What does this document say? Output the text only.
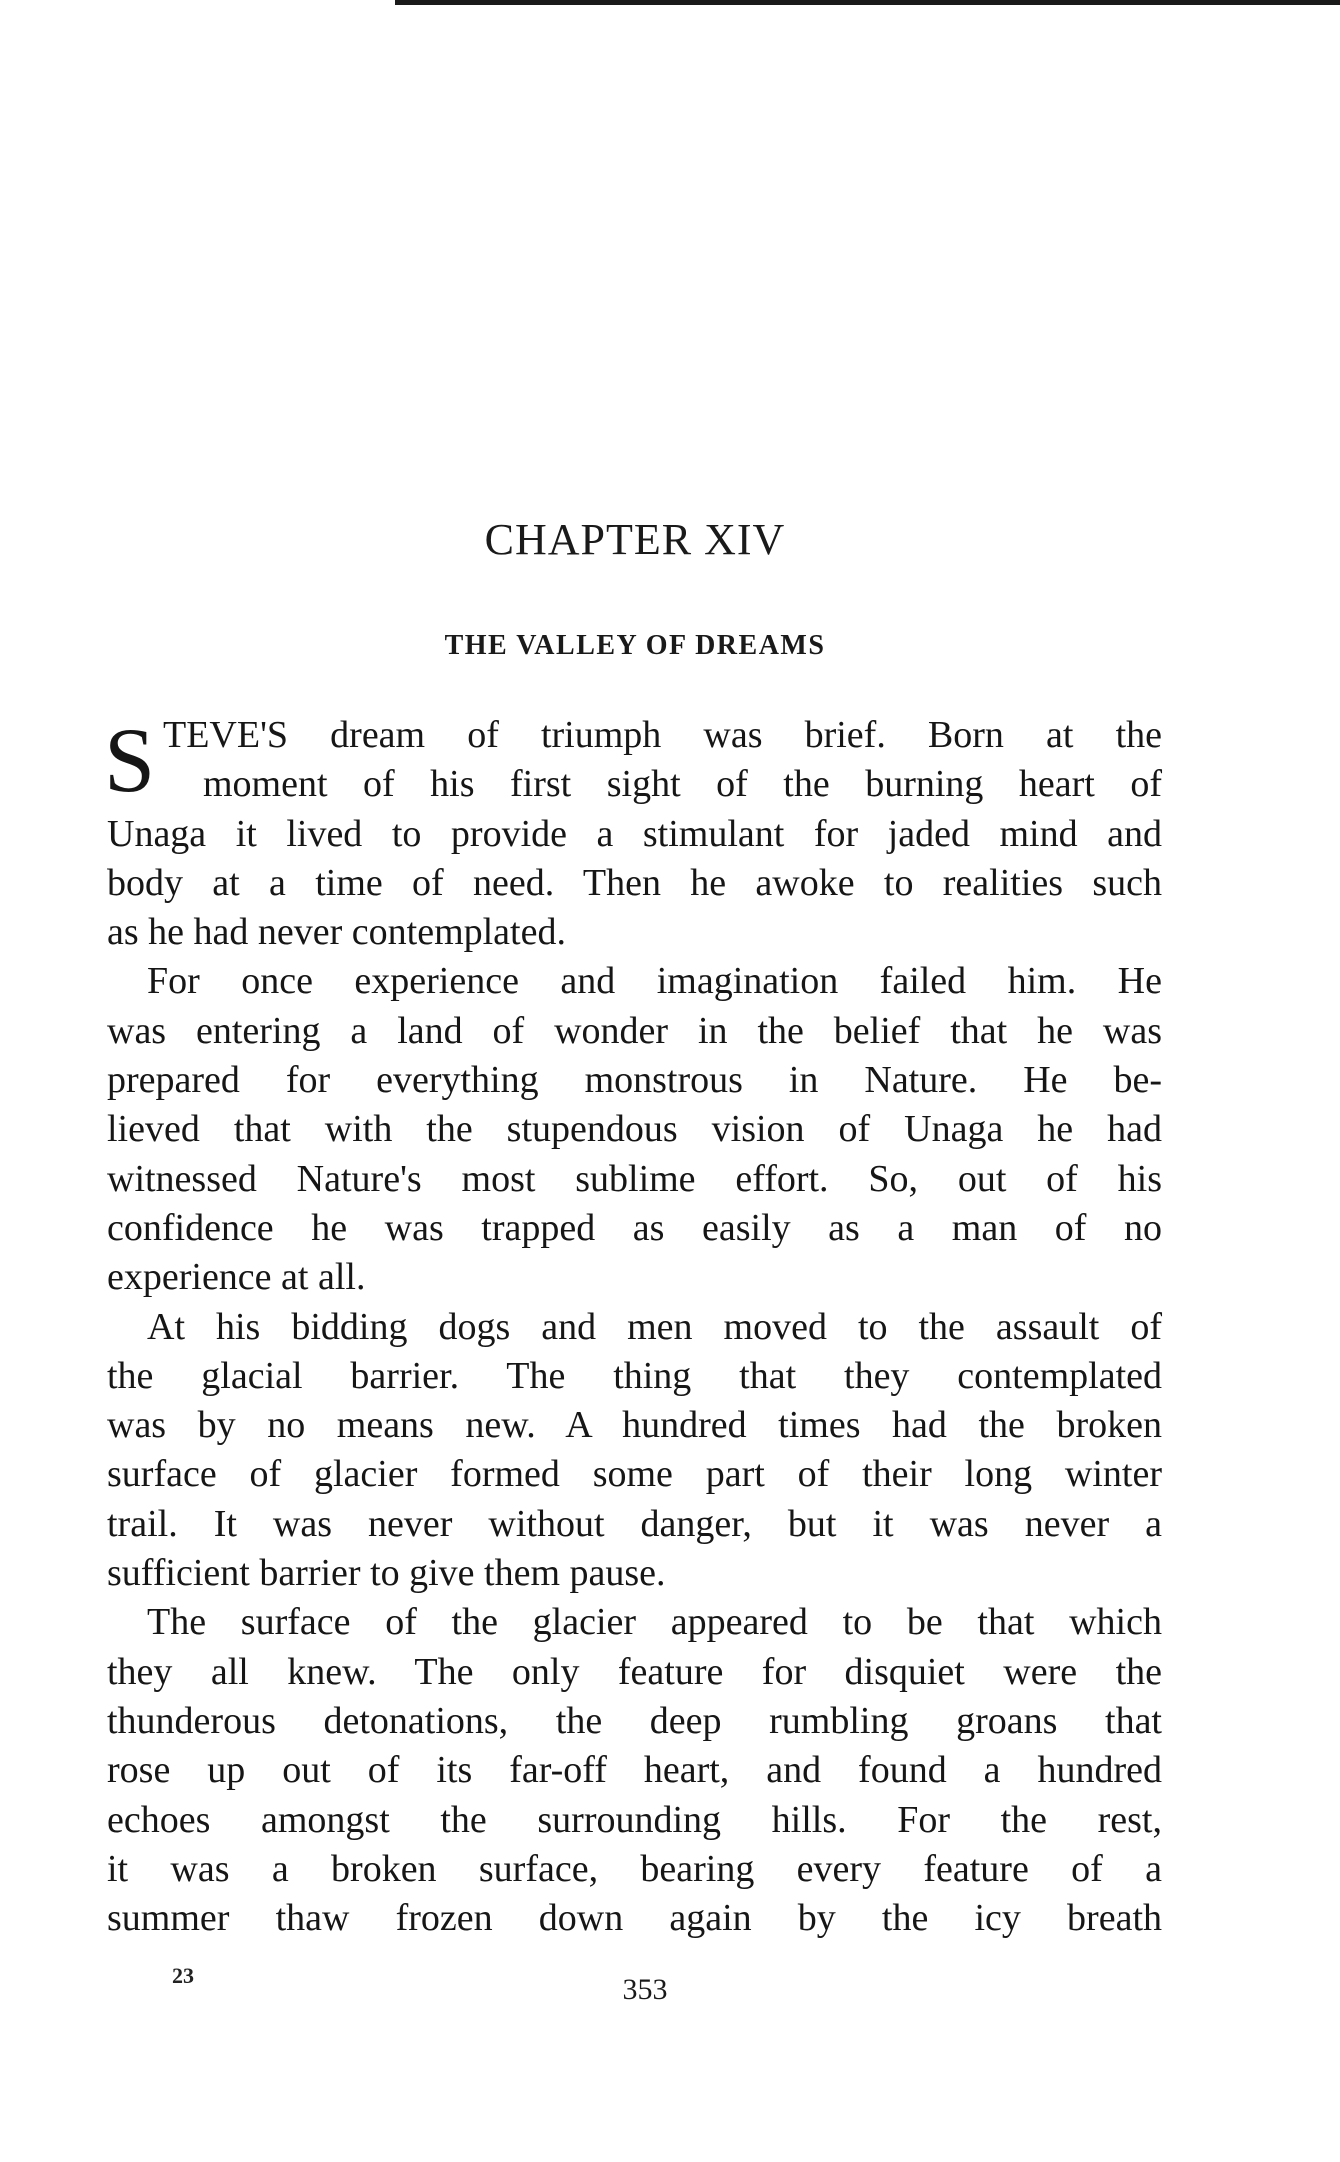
CHAPTER XIV
THE VALLEY OF DREAMS
S TEVE'S dream of triumph was brief. Born at the
moment of his first sight of the burning heart of
Unaga it lived to provide a stimulant for jaded mind and
body at a time of need. Then he awoke to realities such
as he had never contemplated.
For once experience and imagination failed him. He
was entering a land of wonder in the belief that he was
prepared for everything monstrous in Nature. He be-
lieved that with the stupendous vision of Unaga he had
witnessed Nature's most sublime effort. So, out of his
confidence he was trapped as easily as a man of no
experience at all.
At his bidding dogs and men moved to the assault of
the glacial barrier. The thing that they contemplated
was by no means new. A hundred times had the broken
surface of glacier formed some part of their long winter
trail. It was never without danger, but it was never a
sufficient barrier to give them pause.
The surface of the glacier appeared to be that which
they all knew. The only feature for disquiet were the
thunderous detonations, the deep rumbling groans that
rose up out of its far-off heart, and found a hundred
echoes amongst the surrounding hills. For the rest,
it was a broken surface, bearing every feature of a
summer thaw frozen down again by the icy breath
23	353
